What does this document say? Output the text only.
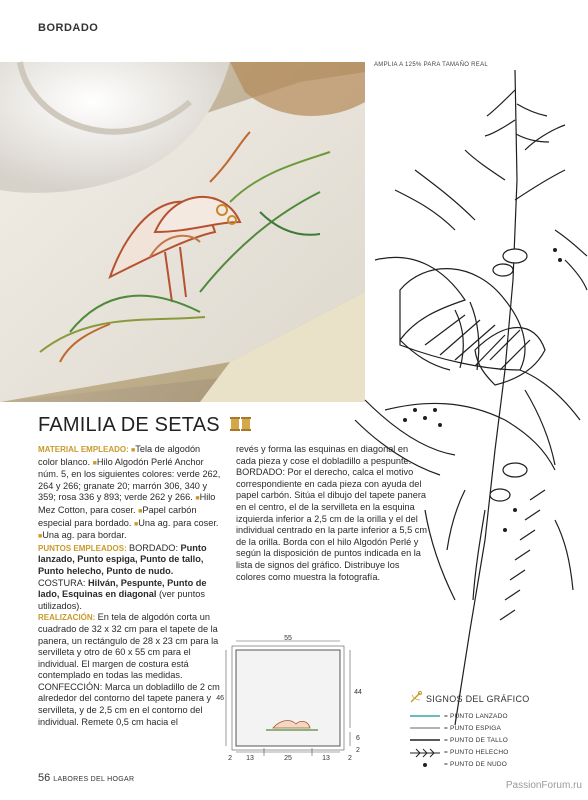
BORDADO
AMPLIA A 125% PARA TAMAÑO REAL
FAMILIA DE SETAS
MATERIAL EMPLEADO: ■Tela de algodón color blanco. ■Hilo Algodón Perlé Anchor núm. 5, en los siguientes colores: verde 262, 264 y 266; granate 20; marrón 306, 340 y 359; rosa 336 y 893; verde 262 y 266. ■Hilo Mez Cotton, para coser. ■Papel carbón especial para bordado. ■Una ag. para coser. ■Una ag. para bordar.
PUNTOS EMPLEADOS: BORDADO: Punto lanzado, Punto espiga, Punto de tallo, Punto helecho, Punto de nudo. COSTURA: Hilván, Pespunte, Punto de lado, Esquinas en diagonal (ver puntos utilizados).
REALIZACIÓN: En tela de algodón corta un cuadrado de 32 x 32 cm para el tapete de la panera, un rectángulo de 28 x 23 cm para la servilleta y otro de 60 x 55 cm para el individual. El margen de costura está contemplado en todas las medidas. CONFECCIÓN: Marca un dobladillo de 2 cm alrededor del contorno del tapete panera y servilleta, y de 2,5 cm en el contorno del individual. Remete 0,5 cm hacia el
revés y forma las esquinas en diagonal en cada pieza y cose el dobladillo a pespunte. BORDADO: Por el derecho, calca el motivo correspondiente en cada pieza con ayuda del papel carbón. Sitúa el dibujo del tapete panera en el centro, el de la servilleta en la esquina izquierda inferior a 2,5 cm de la orilla y el del individual centrado en la parte inferior a 5,5 cm de la orilla. Borda con el hilo Algodón Perlé y según la disposición de puntos indicada en la lista de signos del gráfico. Distribuye los colores como muestra la fotografía.
55
46
44
6
13	25	13
2	2
2
SIGNOS DEL GRÁFICO
= PUNTO LANZADO
= PUNTO ESPIGA
= PUNTO DE TALLO
= PUNTO HELECHO
= PUNTO DE NUDO
56 LABORES DEL HOGAR
PassionForum.ru
